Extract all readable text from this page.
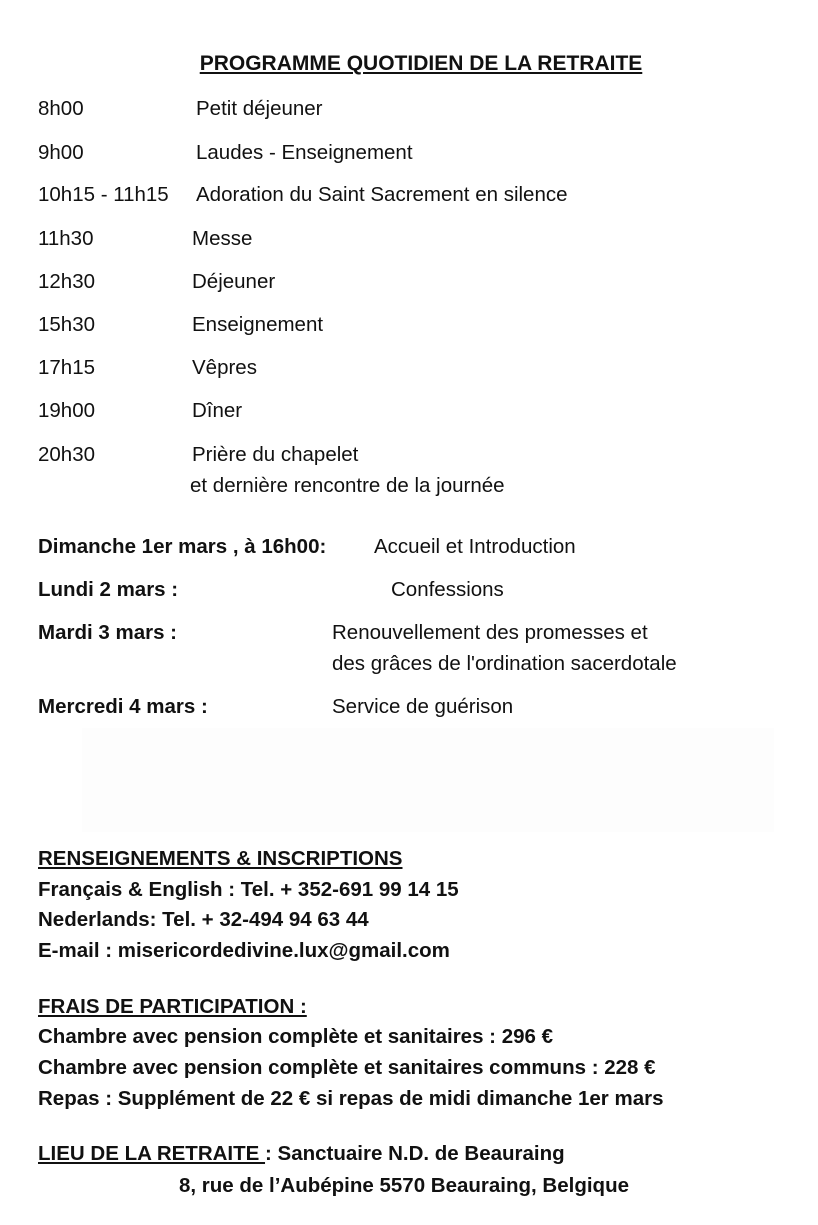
PROGRAMME QUOTIDIEN DE LA RETRAITE
8h00	Petit déjeuner
9h00	Laudes - Enseignement
10h15 - 11h15 Adoration du Saint Sacrement en silence
11h30	Messe
12h30	Déjeuner
15h30	Enseignement
17h15	Vêpres
19h00	Dîner
20h30	Prière du chapelet
et dernière rencontre de la journée
Dimanche 1er mars , à 16h00: Accueil et Introduction
Lundi 2 mars :	Confessions
Mardi 3 mars :	Renouvellement des promesses et
des grâces de l'ordination sacerdotale
Mercredi 4 mars :	Service de guérison
RENSEIGNEMENTS & INSCRIPTIONS
Français & English : Tel. + 352-691 99 14 15
Nederlands: Tel. + 32-494 94 63 44
E-mail : misericordedivine.lux@gmail.com
FRAIS DE PARTICIPATION :
Chambre avec pension complète et sanitaires : 296 €
Chambre avec pension complète et sanitaires communs : 228 €
Repas : Supplément de 22 € si repas de midi dimanche 1er mars
LIEU DE LA RETRAITE : Sanctuaire N.D. de Beauraing
8, rue de l’Aubépine 5570 Beauraing, Belgique
